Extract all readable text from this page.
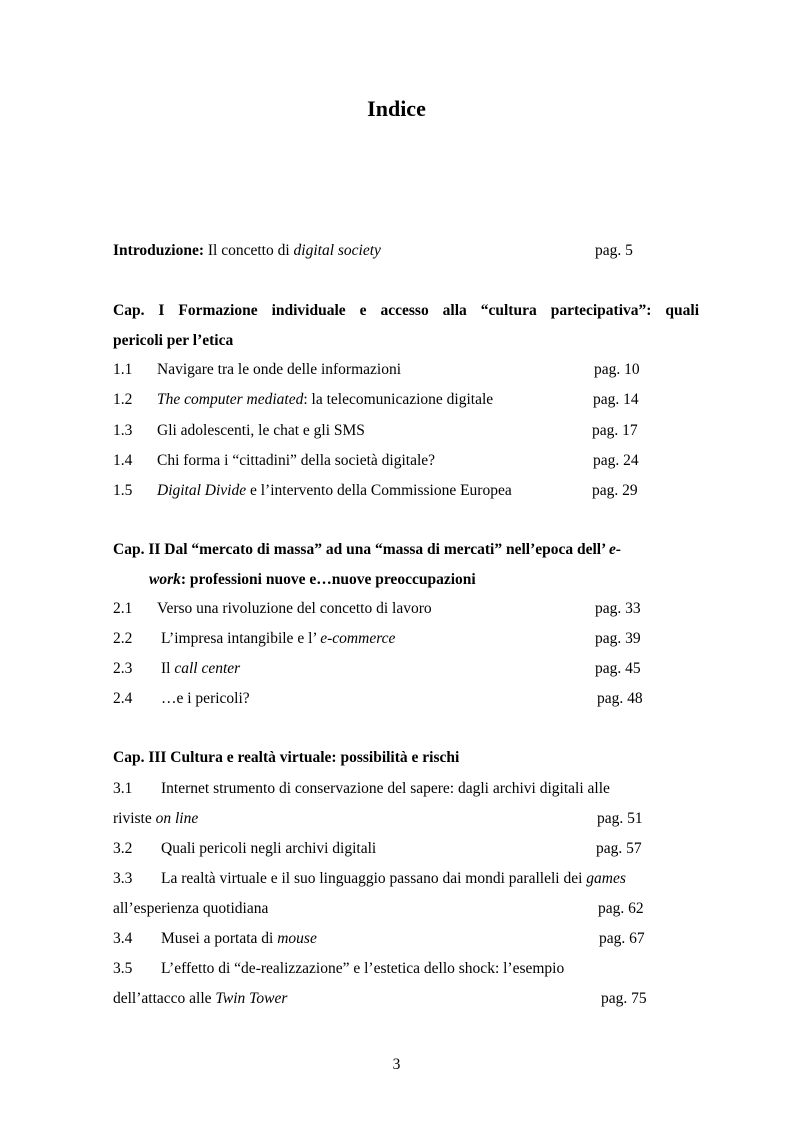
Indice
Introduzione: Il concetto di digital society	pag. 5
Cap. I Formazione individuale e accesso alla “cultura partecipativa”: quali
pericoli per l’etica
1.1 Navigare tra le onde delle informazioni	pag. 10
1.2 The computer mediated: la telecomunicazione digitale	pag. 14
1.3 Gli adolescenti, le chat e gli SMS	pag. 17
1.4 Chi forma i “cittadini” della società digitale?	pag. 24
1.5 Digital Divide e l’intervento della Commissione Europea	pag. 29
Cap. II Dal “mercato di massa” ad una “massa di mercati” nell’epoca dell’ e-
work: professioni nuove e…nuove preoccupazioni
2.1 Verso una rivoluzione del concetto di lavoro	pag. 33
2.2 L’impresa intangibile e l’ e-commerce	pag. 39
2.3 Il call center	pag. 45
2.4 …e i pericoli?	pag. 48
Cap. III Cultura e realtà virtuale: possibilità e rischi
3.1 Internet strumento di conservazione del sapere: dagli archivi digitali alle
riviste on line	pag. 51
3.2 Quali pericoli negli archivi digitali	pag. 57
3.3 La realtà virtuale e il suo linguaggio passano dai mondi paralleli dei games
all’esperienza quotidiana	pag. 62
3.4 Musei a portata di mouse	pag. 67
3.5 L’effetto di “de-realizzazione” e l’estetica dello shock: l’esempio
dell’attacco alle Twin Tower	pag. 75
3
